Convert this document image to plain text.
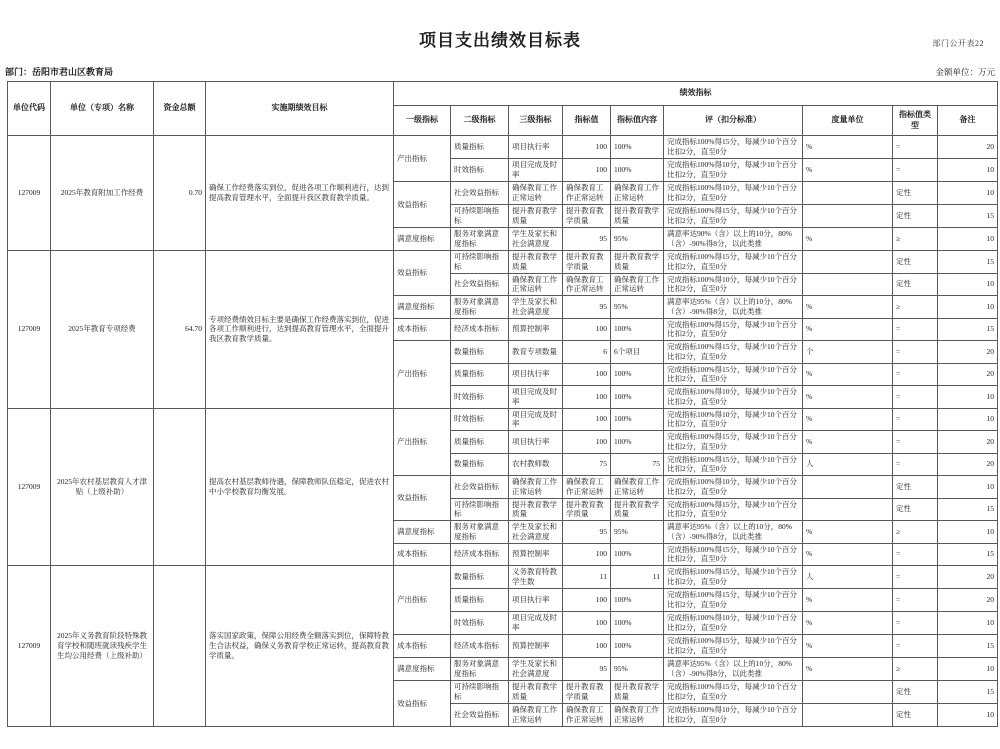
部门公开表22
项目支出绩效目标表
部门：岳阳市君山区教育局	金额单位：万元
单位代码	单位（专项）名称	资金总额	实施期绩效目标	绩效指标								
				一级指标	二级指标	三级指标	指标值	指标值内容	评（扣分标准）	度量单位	指标值类型	备注
127009	2025年教育附加工作经费	0.70	确保工作经费落实到位，促进各项工作顺利进行，达到提高教育管理水平，全面提升我区教育教学质量。	产出指标	质量指标	项目执行率	100	100%	完成指标100%得15分，每减少10个百分比扣2分，直至0分	%	=	20
					时效指标	项目完成及时率	100	100%	完成指标100%得10分，每减少10个百分比扣2分，直至0分	%	=	10
				效益指标	社会效益指标	确保教育工作正常运转	确保教育工作正常运转	确保教育工作正常运转	完成指标100%得10分，每减少10个百分比扣2分，直至0分		定性	10
					可持续影响指标	提升教育教学质量	提升教育教学质量	提升教育教学质量	完成指标100%得15分，每减少10个百分比扣2分，直至0分		定性	15
				满意度指标	服务对象满意度指标	学生及家长和社会满意度	95	95%	满意率达90%（含）以上的10分，80%（含）-90%得8分，以此类推	%	≥	10
127009	2025年教育专项经费	64.70	专项经费绩效目标主要是确保工作经费落实到位，促进各项工作顺利进行，达到提高教育管理水平，全面提升我区教育教学质量。	效益指标	可持续影响指标	提升教育教学质量	提升教育教学质量	提升教育教学质量	完成指标100%得15分，每减少10个百分比扣2分，直至0分		定性	15
					社会效益指标	确保教育工作正常运转	确保教育工作正常运转	确保教育工作正常运转	完成指标100%得10分，每减少10个百分比扣2分，直至0分		定性	10
				满意度指标	服务对象满意度指标	学生及家长和社会满意度	95	95%	满意率达95%（含）以上的10分，80%（含）-90%得8分，以此类推	%	≥	10
				成本指标	经济成本指标	预算控制率	100	100%	完成指标100%得15分，每减少10个百分比扣2分，直至0分	%	=	15
				产出指标	数量指标	教育专项数量	6	6个项目	完成指标100%得15分，每减少10个百分比扣2分，直至0分	个	=	20
					质量指标	项目执行率	100	100%	完成指标100%得15分，每减少10个百分比扣2分，直至0分	%	=	20
					时效指标	项目完成及时率	100	100%	完成指标100%得10分，每减少10个百分比扣2分，直至0分	%	=	10
127009	2025年农村基层教育人才津贴（上级补助）		提高农村基层教师待遇，保障教师队伍稳定，促进农村中小学校教育均衡发展。	产出指标	时效指标	项目完成及时率	100	100%	完成指标100%得10分，每减少10个百分比扣2分，直至0分	%	=	10
					质量指标	项目执行率	100	100%	完成指标100%得15分，每减少10个百分比扣2分，直至0分	%	=	20
					数量指标	农村教师数	75	75	完成指标100%得15分，每减少10个百分比扣2分，直至0分	人	=	20
				效益指标	社会效益指标	确保教育工作正常运转	确保教育工作正常运转	确保教育工作正常运转	完成指标100%得10分，每减少10个百分比扣2分，直至0分		定性	10
					可持续影响指标	提升教育教学质量	提升教育教学质量	提升教育教学质量	完成指标100%得15分，每减少10个百分比扣2分，直至0分		定性	15
				满意度指标	服务对象满意度指标	学生及家长和社会满意度	95	95%	满意率达95%（含）以上的10分，80%（含）-90%得8分，以此类推	%	≥	10
				成本指标	经济成本指标	预算控制率	100	100%	完成指标100%得15分，每减少10个百分比扣2分，直至0分	%	=	15
127009	2025年义务教育阶段特殊教育学校和随班就读残疾学生生均公用经费（上级补助）		落实国家政策，保障公用经费全额落实到位，保障特教生合法权益，确保义务教育学校正常运转，提高教育教学质量。	产出指标	数量指标	义务教育特教学生数	11	11	完成指标100%得15分，每减少10个百分比扣2分，直至0分	人	=	20
					质量指标	项目执行率	100	100%	完成指标100%得15分，每减少10个百分比扣2分，直至0分	%	=	20
					时效指标	项目完成及时率	100	100%	完成指标100%得10分，每减少10个百分比扣2分，直至0分	%	=	10
				成本指标	经济成本指标	预算控制率	100	100%	完成指标100%得15分，每减少10个百分比扣2分，直至0分	%	=	15
				满意度指标	服务对象满意度指标	学生及家长和社会满意度	95	95%	满意率达95%（含）以上的10分，80%（含）-90%得8分，以此类推	%	≥	10
				效益指标	可持续影响指标	提升教育教学质量	提升教育教学质量	提升教育教学质量	完成指标100%得15分，每减少10个百分比扣2分，直至0分		定性	15
					社会效益指标	确保教育工作正常运转	确保教育工作正常运转	确保教育工作正常运转	完成指标100%得10分，每减少10个百分比扣2分，直至0分		定性	10
